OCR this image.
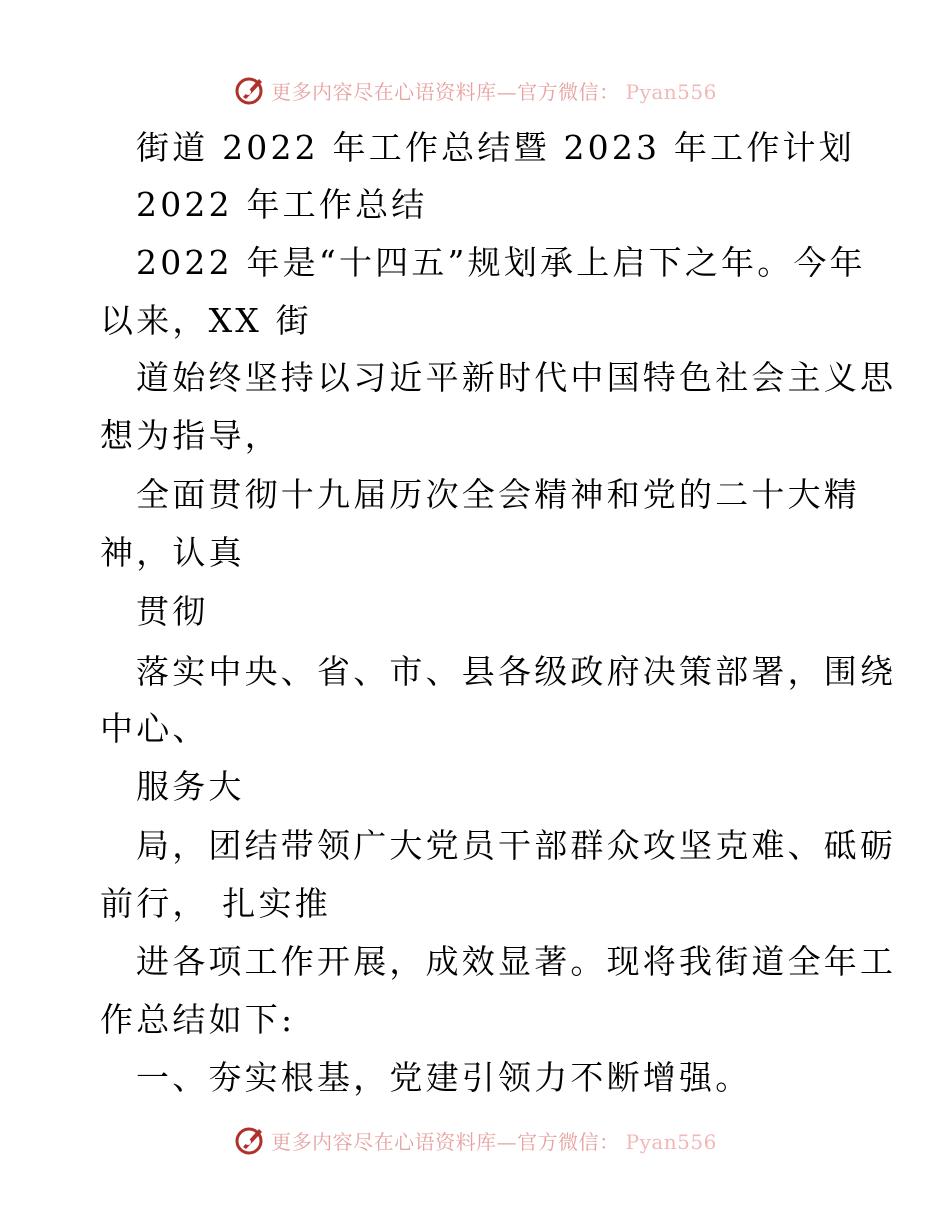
更多内容尽在心语资料库—官方微信： Pyan556
街道 2022 年工作总结暨 2023 年工作计划
2022 年工作总结
2022 年是“十四五”规划承上启下之年。今年
以来，XX 街
道始终坚持以习近平新时代中国特色社会主义思
想为指导，
全面贯彻十九届历次全会精神和党的二十大精
神，认真
贯彻
落实中央、省、市、县各级政府决策部署，围绕
中心、
服务大
局，团结带领广大党员干部群众攻坚克难、砥砺
前行， 扎实推
进各项工作开展，成效显著。现将我街道全年工
作总结如下:
一、夯实根基，党建引领力不断增强。
更多内容尽在心语资料库—官方微信： Pyan556
